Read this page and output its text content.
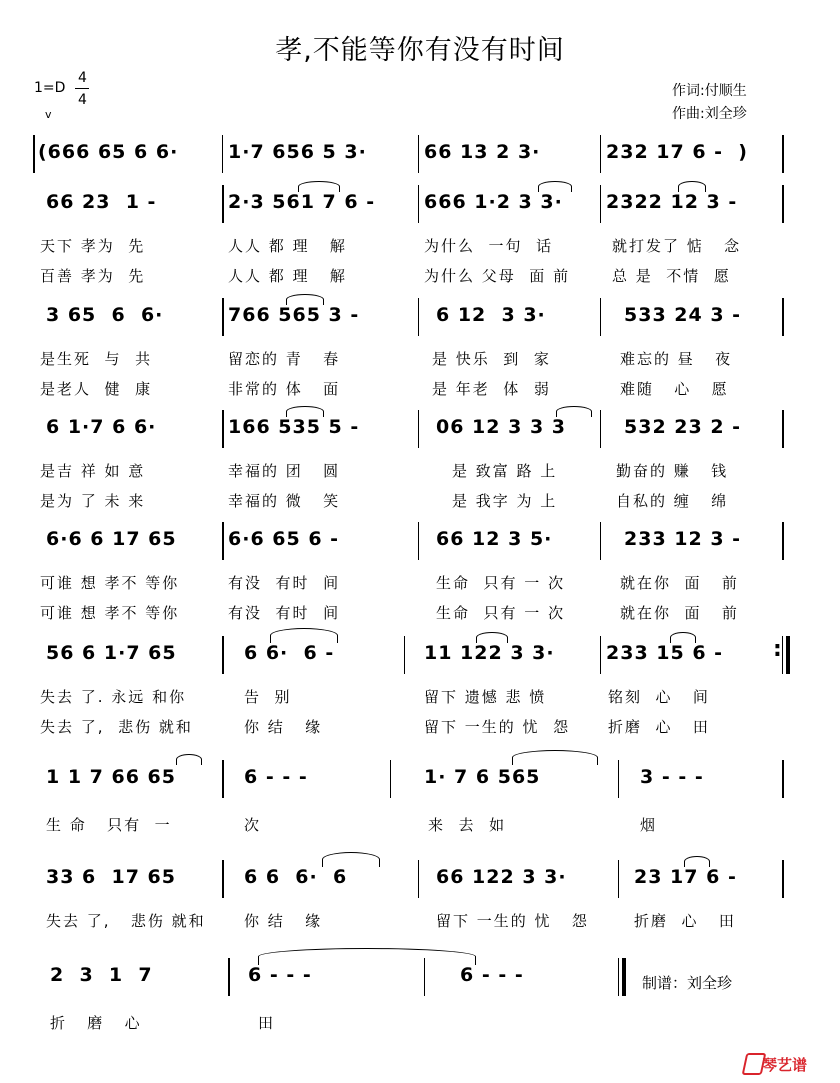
孝,不能等你有没有时间
1=D
4
4
v
作词:付顺生
作曲:刘全珍
(666 65 6 6·	1·7 656 5 3·	66 13 2 3·	232 17 6 -  )
66 23  1 -	2·3 561 7 6 -	666 1·2 3 3· 2322 12 3 -
天下 孝为  先	人人 都 理   解	为什么  一句  话	就打发了 惦   念
百善 孝为  先	人人 都 理   解	为什么 父母  面 前	总 是  不情  愿
3 65  6  6·	766 565 3 -	6 12  3 3·	533 24 3 -
是生死  与  共	留恋的 青   春	是 快乐  到  家	难忘的 昼   夜
是老人  健  康	非常的 体   面	是 年老  体  弱	难随   心   愿
6 1·7 6 6·	166 535 5 -	06 12 3 3 3	532 23 2 -
是吉 祥 如 意	幸福的 团   圆	是 致富 路 上	勤奋的 赚   钱
是为 了 未 来	幸福的 微   笑	是 我字 为 上	自私的 缠   绵
6·6 6 17 65	6·6 65 6 -	66 12 3 5·	233 12 3 -
可谁 想 孝不 等你	有没  有时  间	生命  只有 一 次	就在你  面   前
可谁 想 孝不 等你	有没  有时  间	生命  只有 一 次	就在你  面   前
56 6 1·7 65	6 6·  6 -	11 122 3 3·	233 15 6 - :
失去 了. 永远 和你	告  别	留下 遗憾 悲 愤	铭刻  心   间
失去 了,  悲伤 就和	你 结   缘	留下 一生的 忧  怨	折磨  心   田
1 1 7 66 65	6 - - -	1· 7 6 565	3 - - -
生 命   只有  一	次	来  去  如	烟
33 6  17 65	6 6  6·  6	66 122 3 3·	23 17 6 -
失去 了,   悲伤 就和	你 结   缘	留下 一生的 忧   怨	折磨  心   田
2  3  1  7	6 - - -	6 - - -	制谱：刘全珍
折   磨   心	田
琴艺谱
